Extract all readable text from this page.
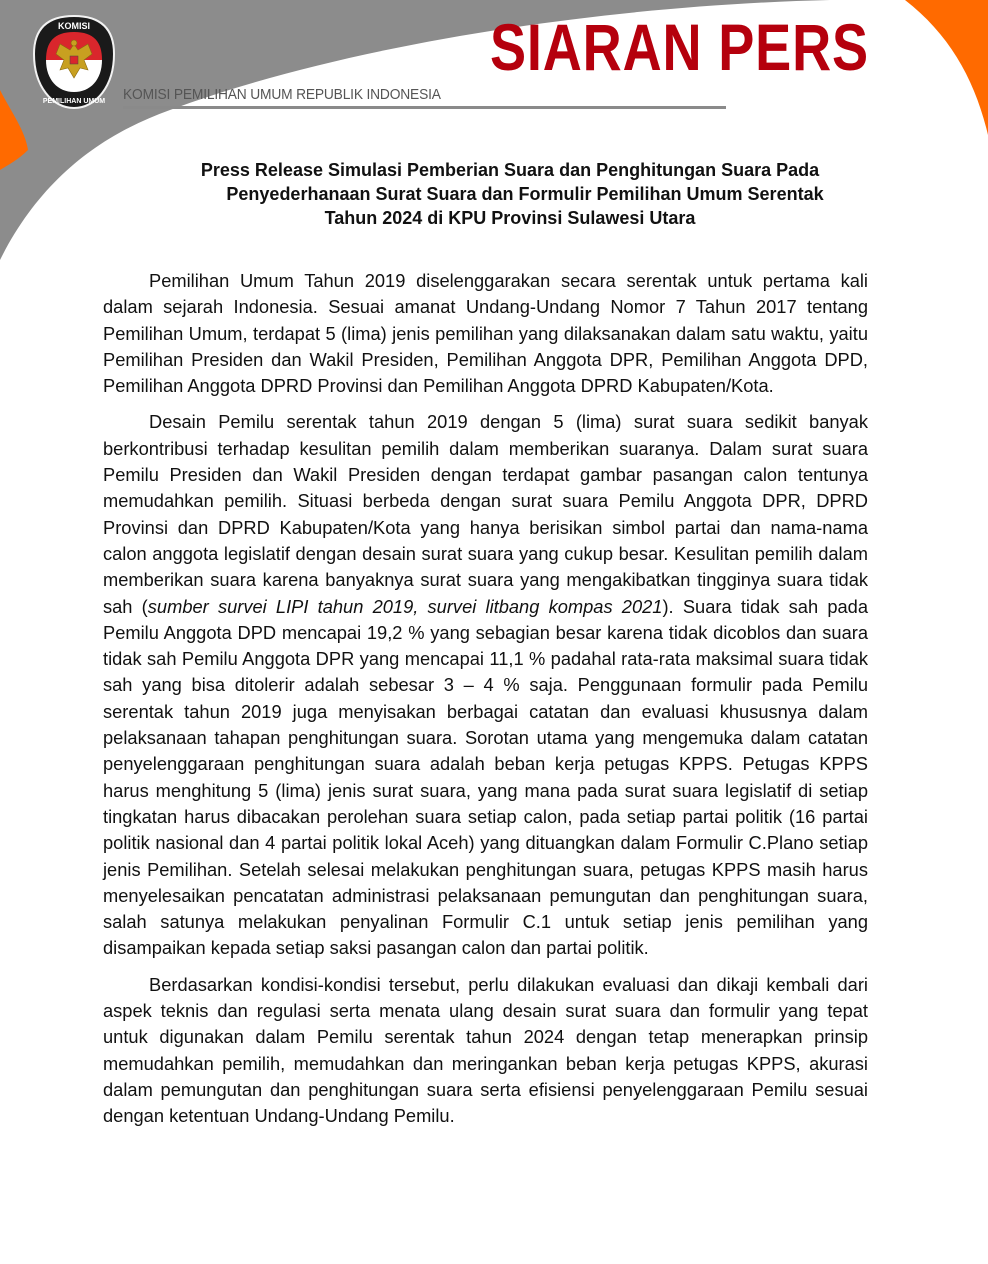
KOMISI
PEMILIHAN UMUM
SIARAN PERS
KOMISI PEMILIHAN UMUM REPUBLIK INDONESIA
Press Release Simulasi Pemberian Suara dan Penghitungan Suara Pada
Penyederhanaan Surat Suara dan Formulir Pemilihan Umum Serentak
Tahun 2024 di KPU Provinsi Sulawesi Utara

Pemilihan Umum Tahun 2019 diselenggarakan secara serentak untuk pertama kali dalam sejarah Indonesia. Sesuai amanat Undang-Undang Nomor 7 Tahun 2017 tentang Pemilihan Umum, terdapat 5 (lima) jenis pemilihan yang dilaksanakan dalam satu waktu, yaitu Pemilihan Presiden dan Wakil Presiden, Pemilihan Anggota DPR, Pemilihan Anggota DPD, Pemilihan Anggota DPRD Provinsi dan Pemilihan Anggota DPRD Kabupaten/Kota.

Desain Pemilu serentak tahun 2019 dengan 5 (lima) surat suara sedikit banyak berkontribusi terhadap kesulitan pemilih dalam memberikan suaranya. Dalam surat suara Pemilu Presiden dan Wakil Presiden dengan terdapat gambar pasangan calon tentunya memudahkan pemilih. Situasi berbeda dengan surat suara Pemilu Anggota DPR, DPRD Provinsi dan DPRD Kabupaten/Kota yang hanya berisikan simbol partai dan nama-nama calon anggota legislatif dengan desain surat suara yang cukup besar. Kesulitan pemilih dalam memberikan suara karena banyaknya surat suara yang mengakibatkan tingginya suara tidak sah (sumber survei LIPI tahun 2019, survei litbang kompas 2021). Suara tidak sah pada Pemilu Anggota DPD mencapai 19,2 % yang sebagian besar karena tidak dicoblos dan suara tidak sah Pemilu Anggota DPR yang mencapai 11,1 % padahal rata-rata maksimal suara tidak sah yang bisa ditolerir adalah sebesar 3 – 4 % saja. Penggunaan formulir pada Pemilu serentak tahun 2019 juga menyisakan berbagai catatan dan evaluasi khususnya dalam pelaksanaan tahapan penghitungan suara. Sorotan utama yang mengemuka dalam catatan penyelenggaraan penghitungan suara adalah beban kerja petugas KPPS. Petugas KPPS harus menghitung 5 (lima) jenis surat suara, yang mana pada surat suara legislatif di setiap tingkatan harus dibacakan perolehan suara setiap calon, pada setiap partai politik (16 partai politik nasional dan 4 partai politik lokal Aceh) yang dituangkan dalam Formulir C.Plano setiap jenis Pemilihan. Setelah selesai melakukan penghitungan suara, petugas KPPS masih harus menyelesaikan pencatatan administrasi pelaksanaan pemungutan dan penghitungan suara, salah satunya melakukan penyalinan Formulir C.1 untuk setiap jenis pemilihan yang disampaikan kepada setiap saksi pasangan calon dan partai politik.

Berdasarkan kondisi-kondisi tersebut, perlu dilakukan evaluasi dan dikaji kembali dari aspek teknis dan regulasi serta menata ulang desain surat suara dan formulir yang tepat untuk digunakan dalam Pemilu serentak tahun 2024 dengan tetap menerapkan prinsip memudahkan pemilih, memudahkan dan meringankan beban kerja petugas KPPS, akurasi dalam pemungutan dan penghitungan suara serta efisiensi penyelenggaraan Pemilu sesuai dengan ketentuan Undang-Undang Pemilu.
